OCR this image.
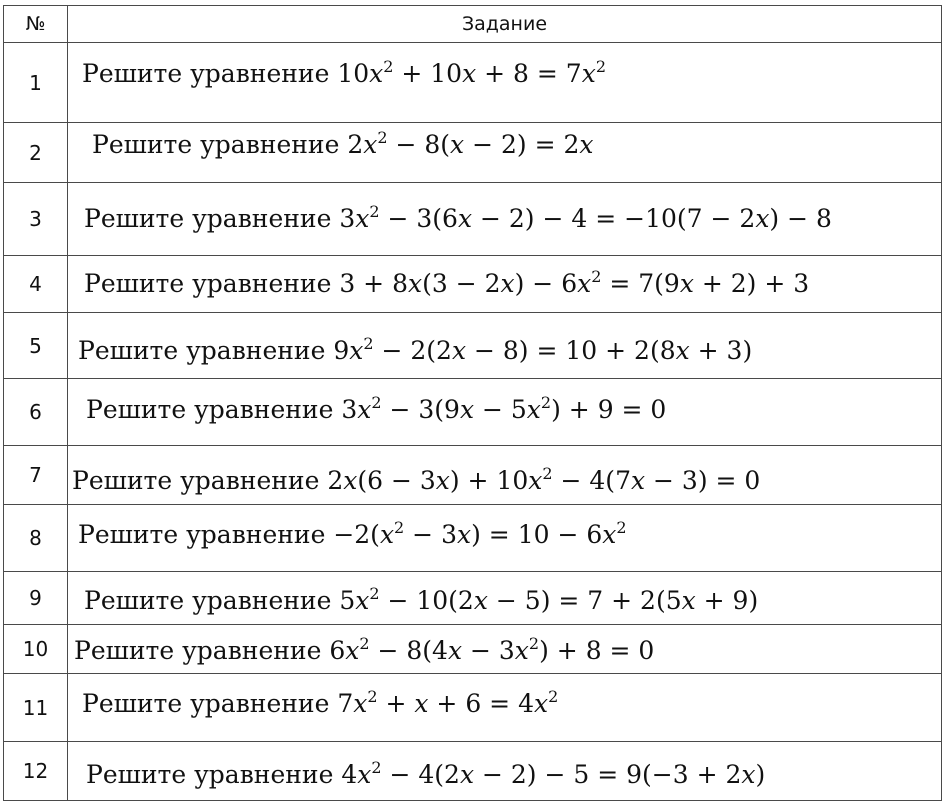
№	Задание
1	Решите уравнение $10x^2 + 10x + 8 = 7x^2$

2	Решите уравнение $2x^2 - 8(x - 2) = 2x$

3	Решите уравнение $3x^2 - 3(6x - 2) - 4 = -10(7 - 2x) - 8$

4	Решите уравнение $3 + 8x(3 - 2x) - 6x^2 = 7(9x + 2) + 3$

5	Решите уравнение $9x^2 - 2(2x - 8) = 10 + 2(8x + 3)$

6	Решите уравнение $3x^2 - 3(9x - 5x^2) + 9 = 0$

7	Решите уравнение $2x(6 - 3x) + 10x^2 - 4(7x - 3) = 0$

8	Решите уравнение $-2(x^2 - 3x) = 10 - 6x^2$

9	Решите уравнение $5x^2 - 10(2x - 5) = 7 + 2(5x + 9)$

10	Решите уравнение $6x^2 - 8(4x - 3x^2) + 8 = 0$

11	Решите уравнение $7x^2 + x + 6 = 4x^2$

12	Решите уравнение $4x^2 - 4(2x - 2) - 5 = 9(-3 + 2x)$
